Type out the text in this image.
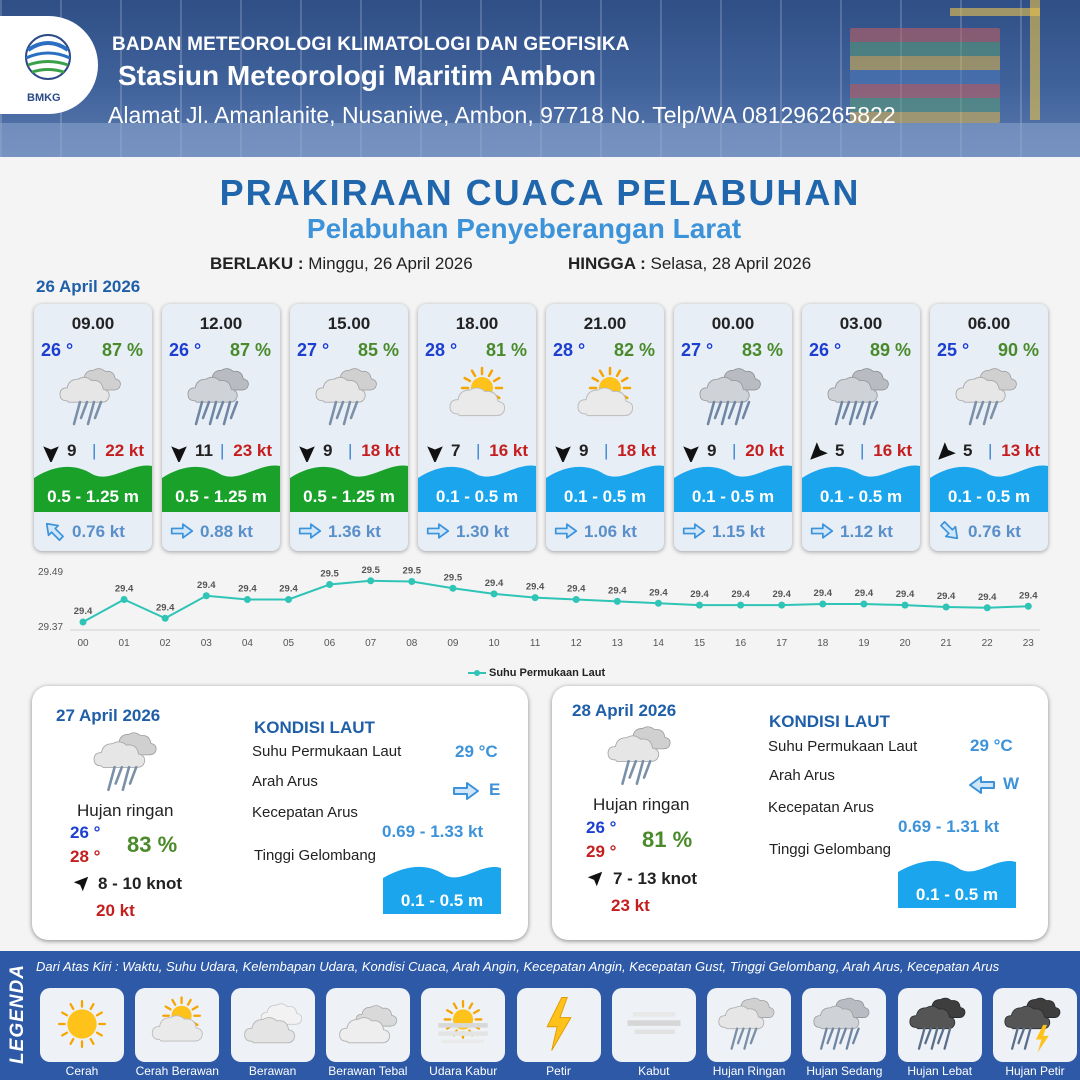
BMKG
BADAN METEOROLOGI KLIMATOLOGI DAN GEOFISIKA
Stasiun Meteorologi Maritim Ambon
Alamat Jl. Amanlanite, Nusaniwe, Ambon, 97718 No. Telp/WA 081296265822
PRAKIRAAN CUACA PELABUHAN
Pelabuhan Penyeberangan Larat
BERLAKU : Minggu, 26 April 2026	HINGGA : Selasa, 28 April 2026
26 April 2026
09.00
26 ° 87 %
9 | 22 kt
0.5 - 1.25 m
0.76 kt
12.00
26 ° 87 %
11 | 23 kt
0.5 - 1.25 m
0.88 kt
15.00
27 ° 85 %
9 | 18 kt
0.5 - 1.25 m
1.36 kt
18.00
28 ° 81 %
7 | 16 kt
0.1 - 0.5 m
1.30 kt
21.00
28 ° 82 %
9 | 18 kt
0.1 - 0.5 m
1.06 kt
00.00
27 ° 83 %
9 | 20 kt
0.1 - 0.5 m
1.15 kt
03.00
26 ° 89 %
5 | 16 kt
0.1 - 0.5 m
1.12 kt
06.00
25 ° 90 %
5 | 13 kt
0.1 - 0.5 m
0.76 kt
29.49
29.37
29.4
00
29.4
01
29.4
02
29.4
03
29.4
04
29.4
05
29.5
06
29.5
07
29.5
08
29.5
09
29.4
10
29.4
11
29.4
12
29.4
13
29.4
14
29.4
15
29.4
16
29.4
17
29.4
18
29.4
19
29.4
20
29.4
21
29.4
22
29.4
23
Suhu Permukaan Laut
27 April 2026
Hujan ringan
26 °
28 ° 83 %
8 - 10 knot
20 kt
KONDISI LAUT
Suhu Permukaan Laut	29 °C
Arah Arus	E
Kecepatan Arus
0.69 - 1.33 kt
Tinggi Gelombang
0.1 - 0.5 m
28 April 2026
Hujan ringan
26 °
29 ° 81 %
7 - 13 knot
23 kt
KONDISI LAUT
Suhu Permukaan Laut	29 °C
Arah Arus	W
Kecepatan Arus
0.69 - 1.31 kt
Tinggi Gelombang
0.1 - 0.5 m
LEGENDA Dari Atas Kiri : Waktu, Suhu Udara, Kelembapan Udara, Kondisi Cuaca, Arah Angin, Kecepatan Angin, Kecepatan Gust, Tinggi Gelombang, Arah Arus, Kecepatan Arus
Cerah	Cerah Berawan	Berawan	Berawan Tebal	Udara Kabur	Petir	Kabut	Hujan Ringan	Hujan Sedang	Hujan Lebat	Hujan Petir
